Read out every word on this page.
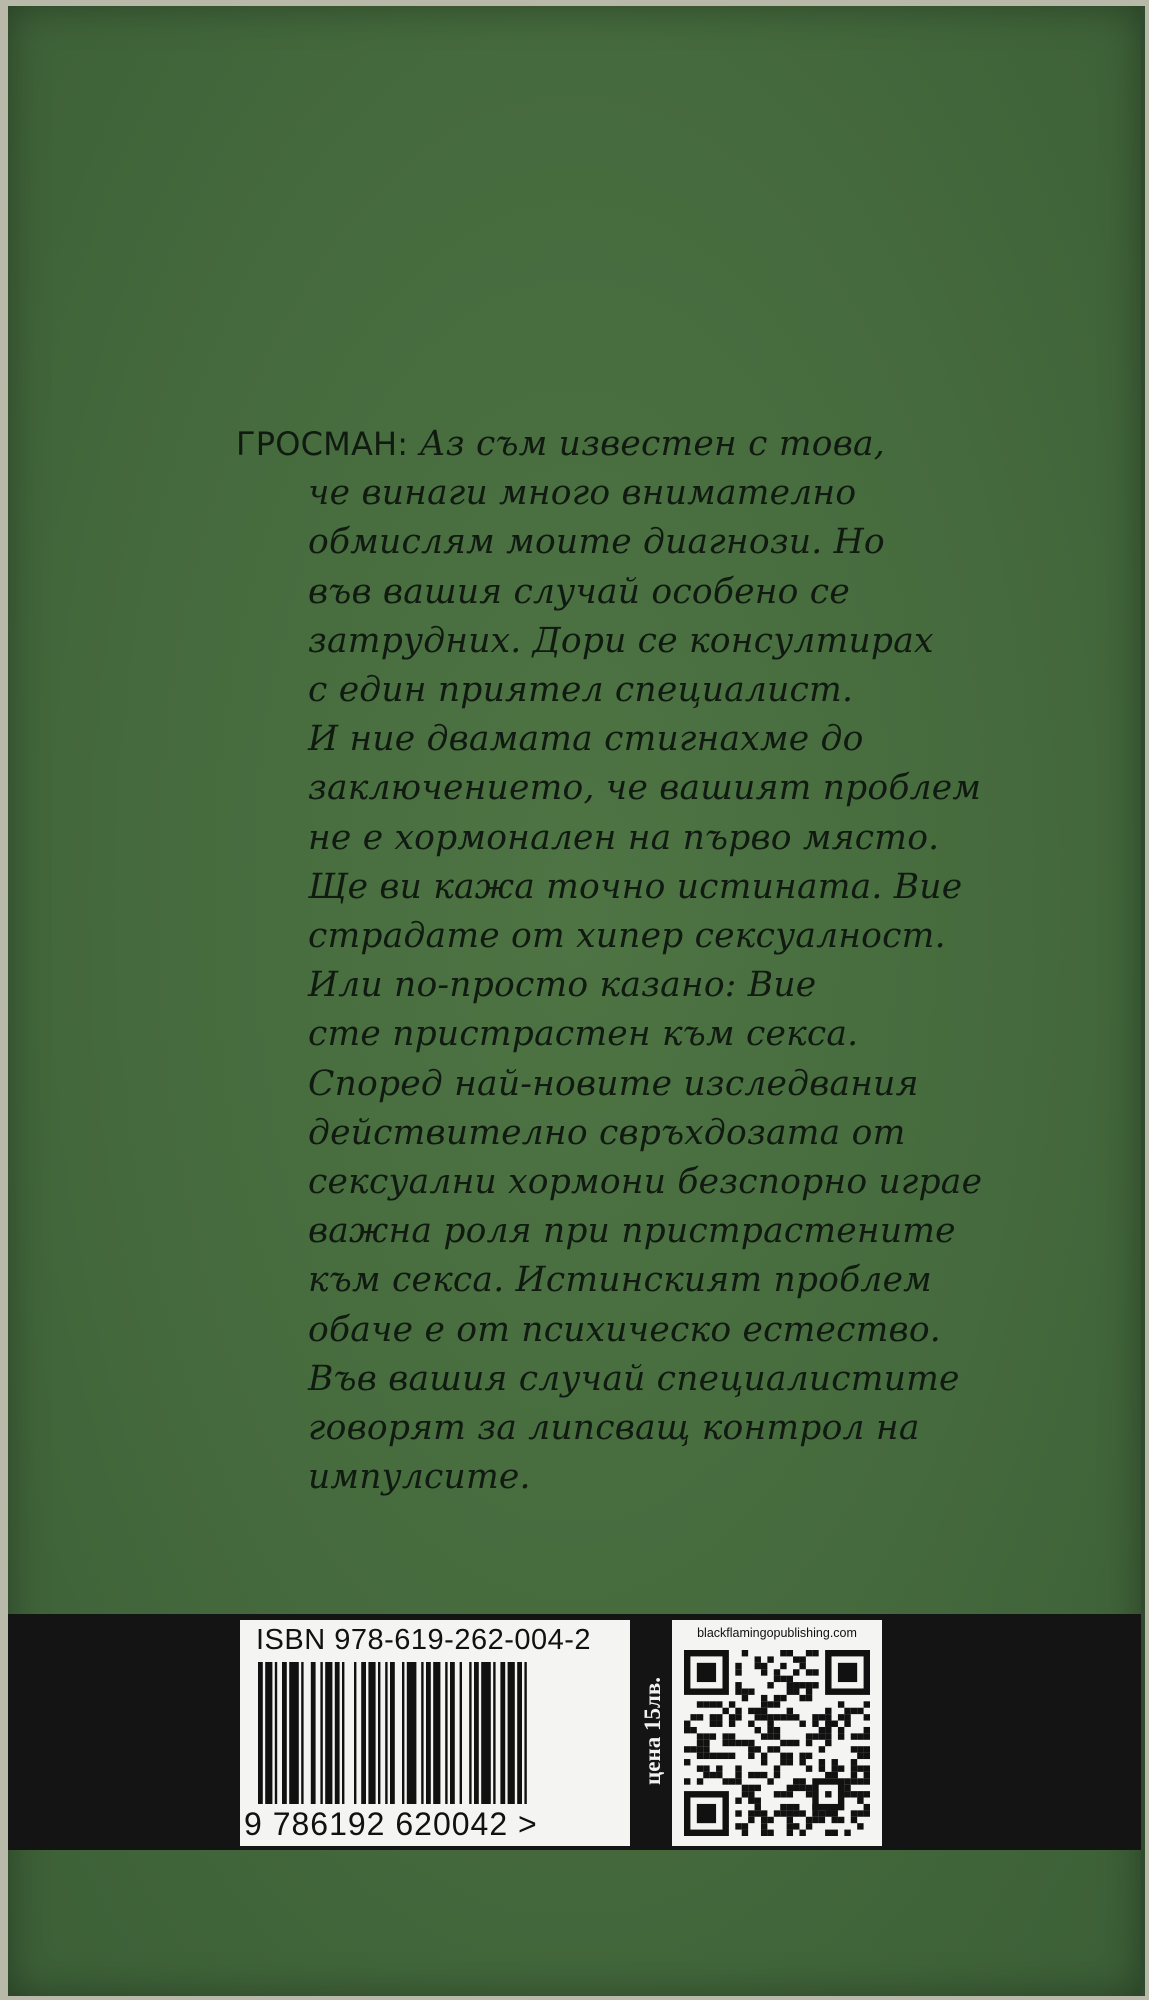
ГРОСМАН: Аз съм известен с това,
че винаги много внимателно
обмислям моите диагнози. Но
във вашия случай особено се
затрудних. Дори се консултирах
с един приятел специалист.
И ние двамата стигнахме до
заключението, че вашият проблем
не е хормонален на първо място.
Ще ви кажа точно истината. Вие
страдате от хипер сексуалност.
Или по-просто казано: Вие
сте пристрастен към секса.
Според най-новите изследвания
действително свръхдозата от
сексуални хормони безспорно играе
важна роля при пристрастените
към секса. Истинският проблем
обаче е от психическо естество.
Във вашия случай специалистите
говорят за липсващ контрол на
импулсите.
ISBN 978-619-262-004-2
9 786192 620042 >
цена 15лв.
blackflamingopublishing.com
